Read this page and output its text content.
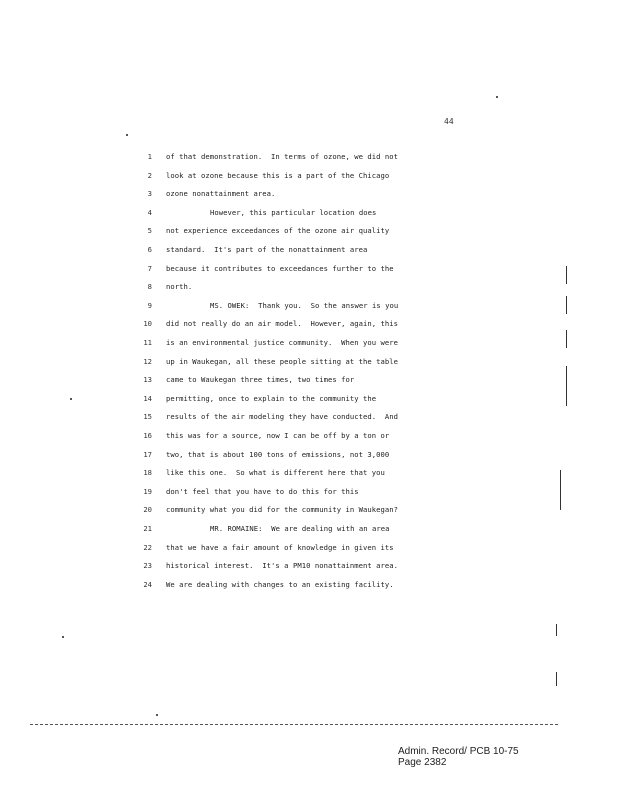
44
1 of that demonstration.  In terms of ozone, we did not
2 look at ozone because this is a part of the Chicago
3 ozone nonattainment area.
4	However, this particular location does
5 not experience exceedances of the ozone air quality
6 standard.  It's part of the nonattainment area
7 because it contributes to exceedances further to the
8 north.
9	MS. OWEK:  Thank you.  So the answer is you
10 did not really do an air model.  However, again, this
11 is an environmental justice community.  When you were
12 up in Waukegan, all these people sitting at the table
13 came to Waukegan three times, two times for
14 permitting, once to explain to the community the
15 results of the air modeling they have conducted.  And
16 this was for a source, now I can be off by a ton or
17 two, that is about 100 tons of emissions, not 3,000
18 like this one.  So what is different here that you
19 don't feel that you have to do this for this
20 community what you did for the community in Waukegan?
21	MR. ROMAINE:  We are dealing with an area
22 that we have a fair amount of knowledge in given its
23 historical interest.  It's a PM10 nonattainment area.
24 We are dealing with changes to an existing facility.
Admin. Record/ PCB 10-75
Page 2382
